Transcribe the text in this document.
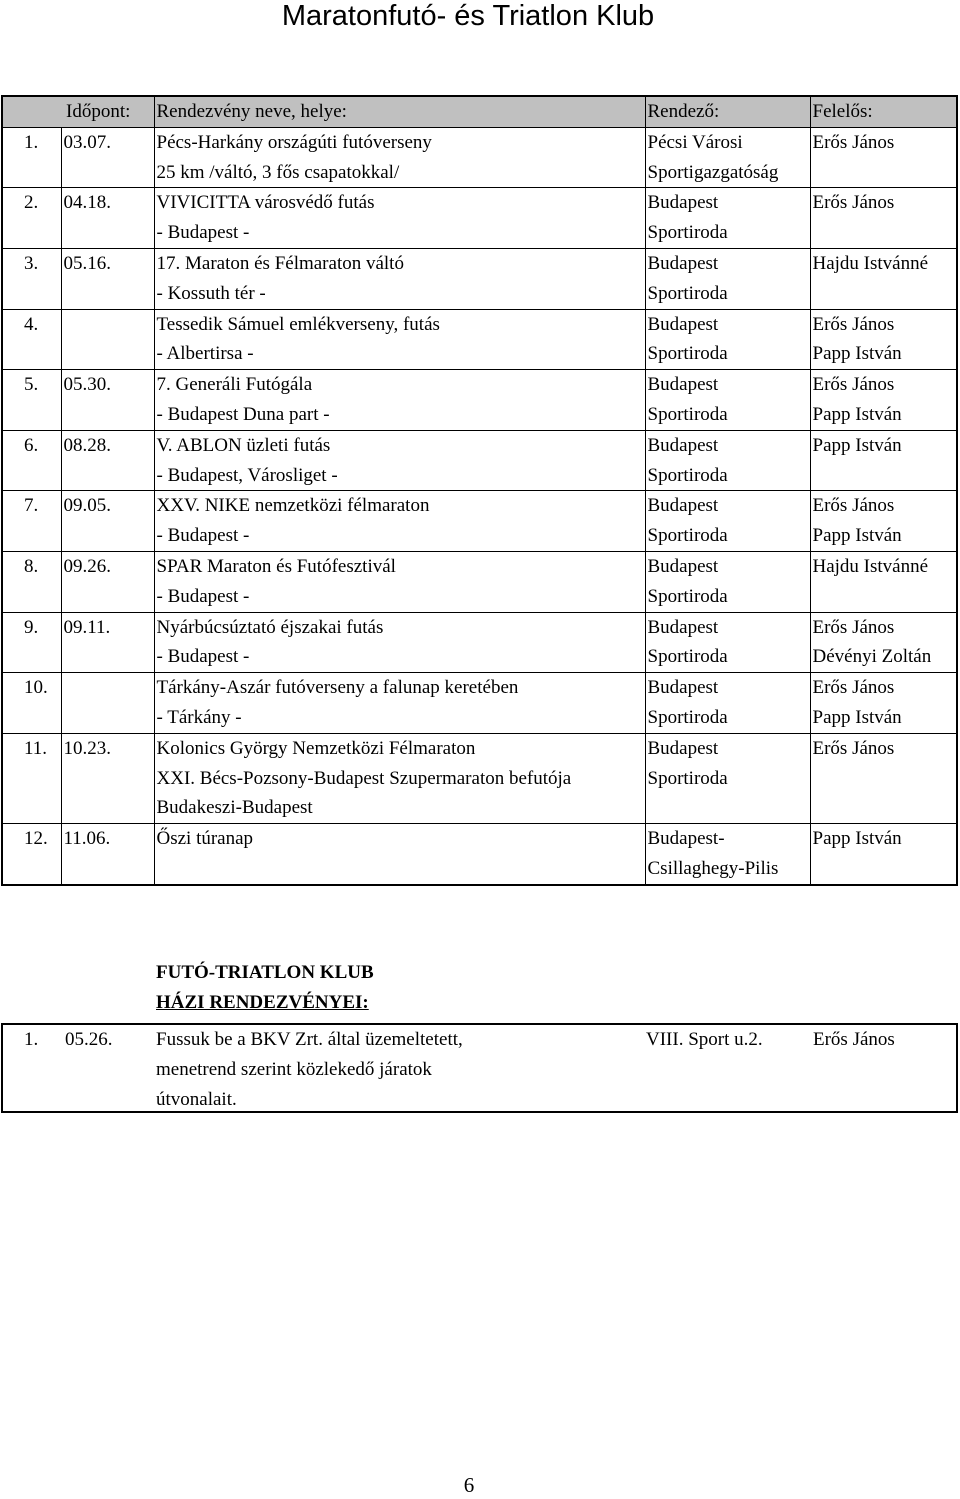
Maratonfutó- és Triatlon Klub
Időpont:		Rendezvény neve, helye:	Rendező:	Felelős:
1.	03.07.	Pécs-Harkány országúti futóverseny
25 km /váltó, 3 fős csapatokkal/	Pécsi Városi
Sportigazgatóság	Erős János

2.	04.18.	VIVICITTA városvédő futás
- Budapest -	Budapest
Sportiroda	Erős János

3.	05.16.	17. Maraton és Félmaraton váltó
- Kossuth tér -	Budapest
Sportiroda	Hajdu Istvánné

4.		Tessedik Sámuel emlékverseny, futás
- Albertirsa -	Budapest
Sportiroda	Erős János
Papp István

5.	05.30.	7. Generáli Futógála
- Budapest Duna part -	Budapest
Sportiroda	Erős János
Papp István

6.	08.28.	V. ABLON üzleti futás
- Budapest, Városliget -	Budapest
Sportiroda	Papp István

7.	09.05.	XXV. NIKE nemzetközi félmaraton
- Budapest -	Budapest
Sportiroda	Erős János
Papp István

8.	09.26.	SPAR Maraton és Futófesztivál
- Budapest -	Budapest
Sportiroda	Hajdu Istvánné

9.	09.11.	Nyárbúcsúztató éjszakai futás
- Budapest -	Budapest
Sportiroda	Erős János
Dévényi Zoltán

10.		Tárkány-Aszár futóverseny a falunap keretében
- Tárkány -	Budapest
Sportiroda	Erős János
Papp István

11.	10.23.	Kolonics György Nemzetközi Félmaraton
XXI. Bécs-Pozsony-Budapest Szupermaraton befutója
Budakeszi-Budapest	Budapest
Sportiroda	Erős János

12.	11.06.	Őszi túranap	Budapest-
Csillaghegy-Pilis	Papp István
FUTÓ-TRIATLON KLUB
HÁZI RENDEZVÉNYEI:
1. 05.26. Fussuk be a BKV Zrt. által üzemeltetett,
menetrend szerint közlekedő járatok
útvonalait.
VIII. Sport u.2.	Erős János
6
